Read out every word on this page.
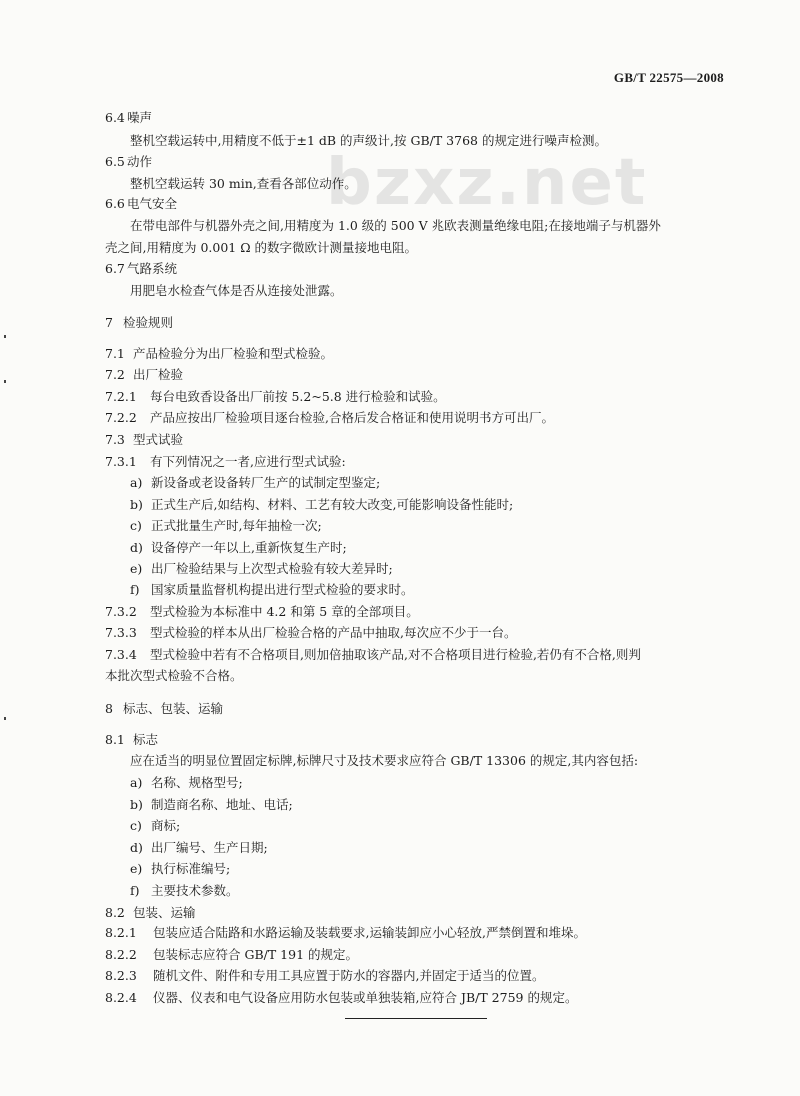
GB/T 22575—2008
bzxz.net
6.4 噪声
整机空载运转中,用精度不低于±1 dB 的声级计,按 GB/T 3768 的规定进行噪声检测。
6.5 动作
整机空载运转 30 min,查看各部位动作。
6.6 电气安全
在带电部件与机器外壳之间,用精度为 1.0 级的 500 V 兆欧表测量绝缘电阻;在接地端子与机器外
壳之间,用精度为 0.001 Ω 的数字微欧计测量接地电阻。
6.7 气路系统
用肥皂水检查气体是否从连接处泄露。
7 检验规则
7.1 产品检验分为出厂检验和型式检验。
7.2 出厂检验
7.2.1 每台电致香设备出厂前按 5.2~5.8 进行检验和试验。
7.2.2 产品应按出厂检验项目逐台检验,合格后发合格证和使用说明书方可出厂。
7.3 型式试验
7.3.1 有下列情况之一者,应进行型式试验:
a) 新设备或老设备转厂生产的试制定型鉴定;
b) 正式生产后,如结构、材料、工艺有较大改变,可能影响设备性能时;
c) 正式批量生产时,每年抽检一次;
d) 设备停产一年以上,重新恢复生产时;
e) 出厂检验结果与上次型式检验有较大差异时;
f) 国家质量监督机构提出进行型式检验的要求时。
7.3.2 型式检验为本标准中 4.2 和第 5 章的全部项目。
7.3.3 型式检验的样本从出厂检验合格的产品中抽取,每次应不少于一台。
7.3.4 型式检验中若有不合格项目,则加倍抽取该产品,对不合格项目进行检验,若仍有不合格,则判
本批次型式检验不合格。
8 标志、包装、运输
8.1 标志
应在适当的明显位置固定标牌,标牌尺寸及技术要求应符合 GB/T 13306 的规定,其内容包括:
a) 名称、规格型号;
b) 制造商名称、地址、电话;
c) 商标;
d) 出厂编号、生产日期;
e) 执行标准编号;
f) 主要技术参数。
8.2 包装、运输
8.2.1 包装应适合陆路和水路运输及装载要求,运输装卸应小心轻放,严禁倒置和堆垛。
8.2.2 包装标志应符合 GB/T 191 的规定。
8.2.3 随机文件、附件和专用工具应置于防水的容器内,并固定于适当的位置。
8.2.4 仪器、仪表和电气设备应用防水包装或单独装箱,应符合 JB/T 2759 的规定。
